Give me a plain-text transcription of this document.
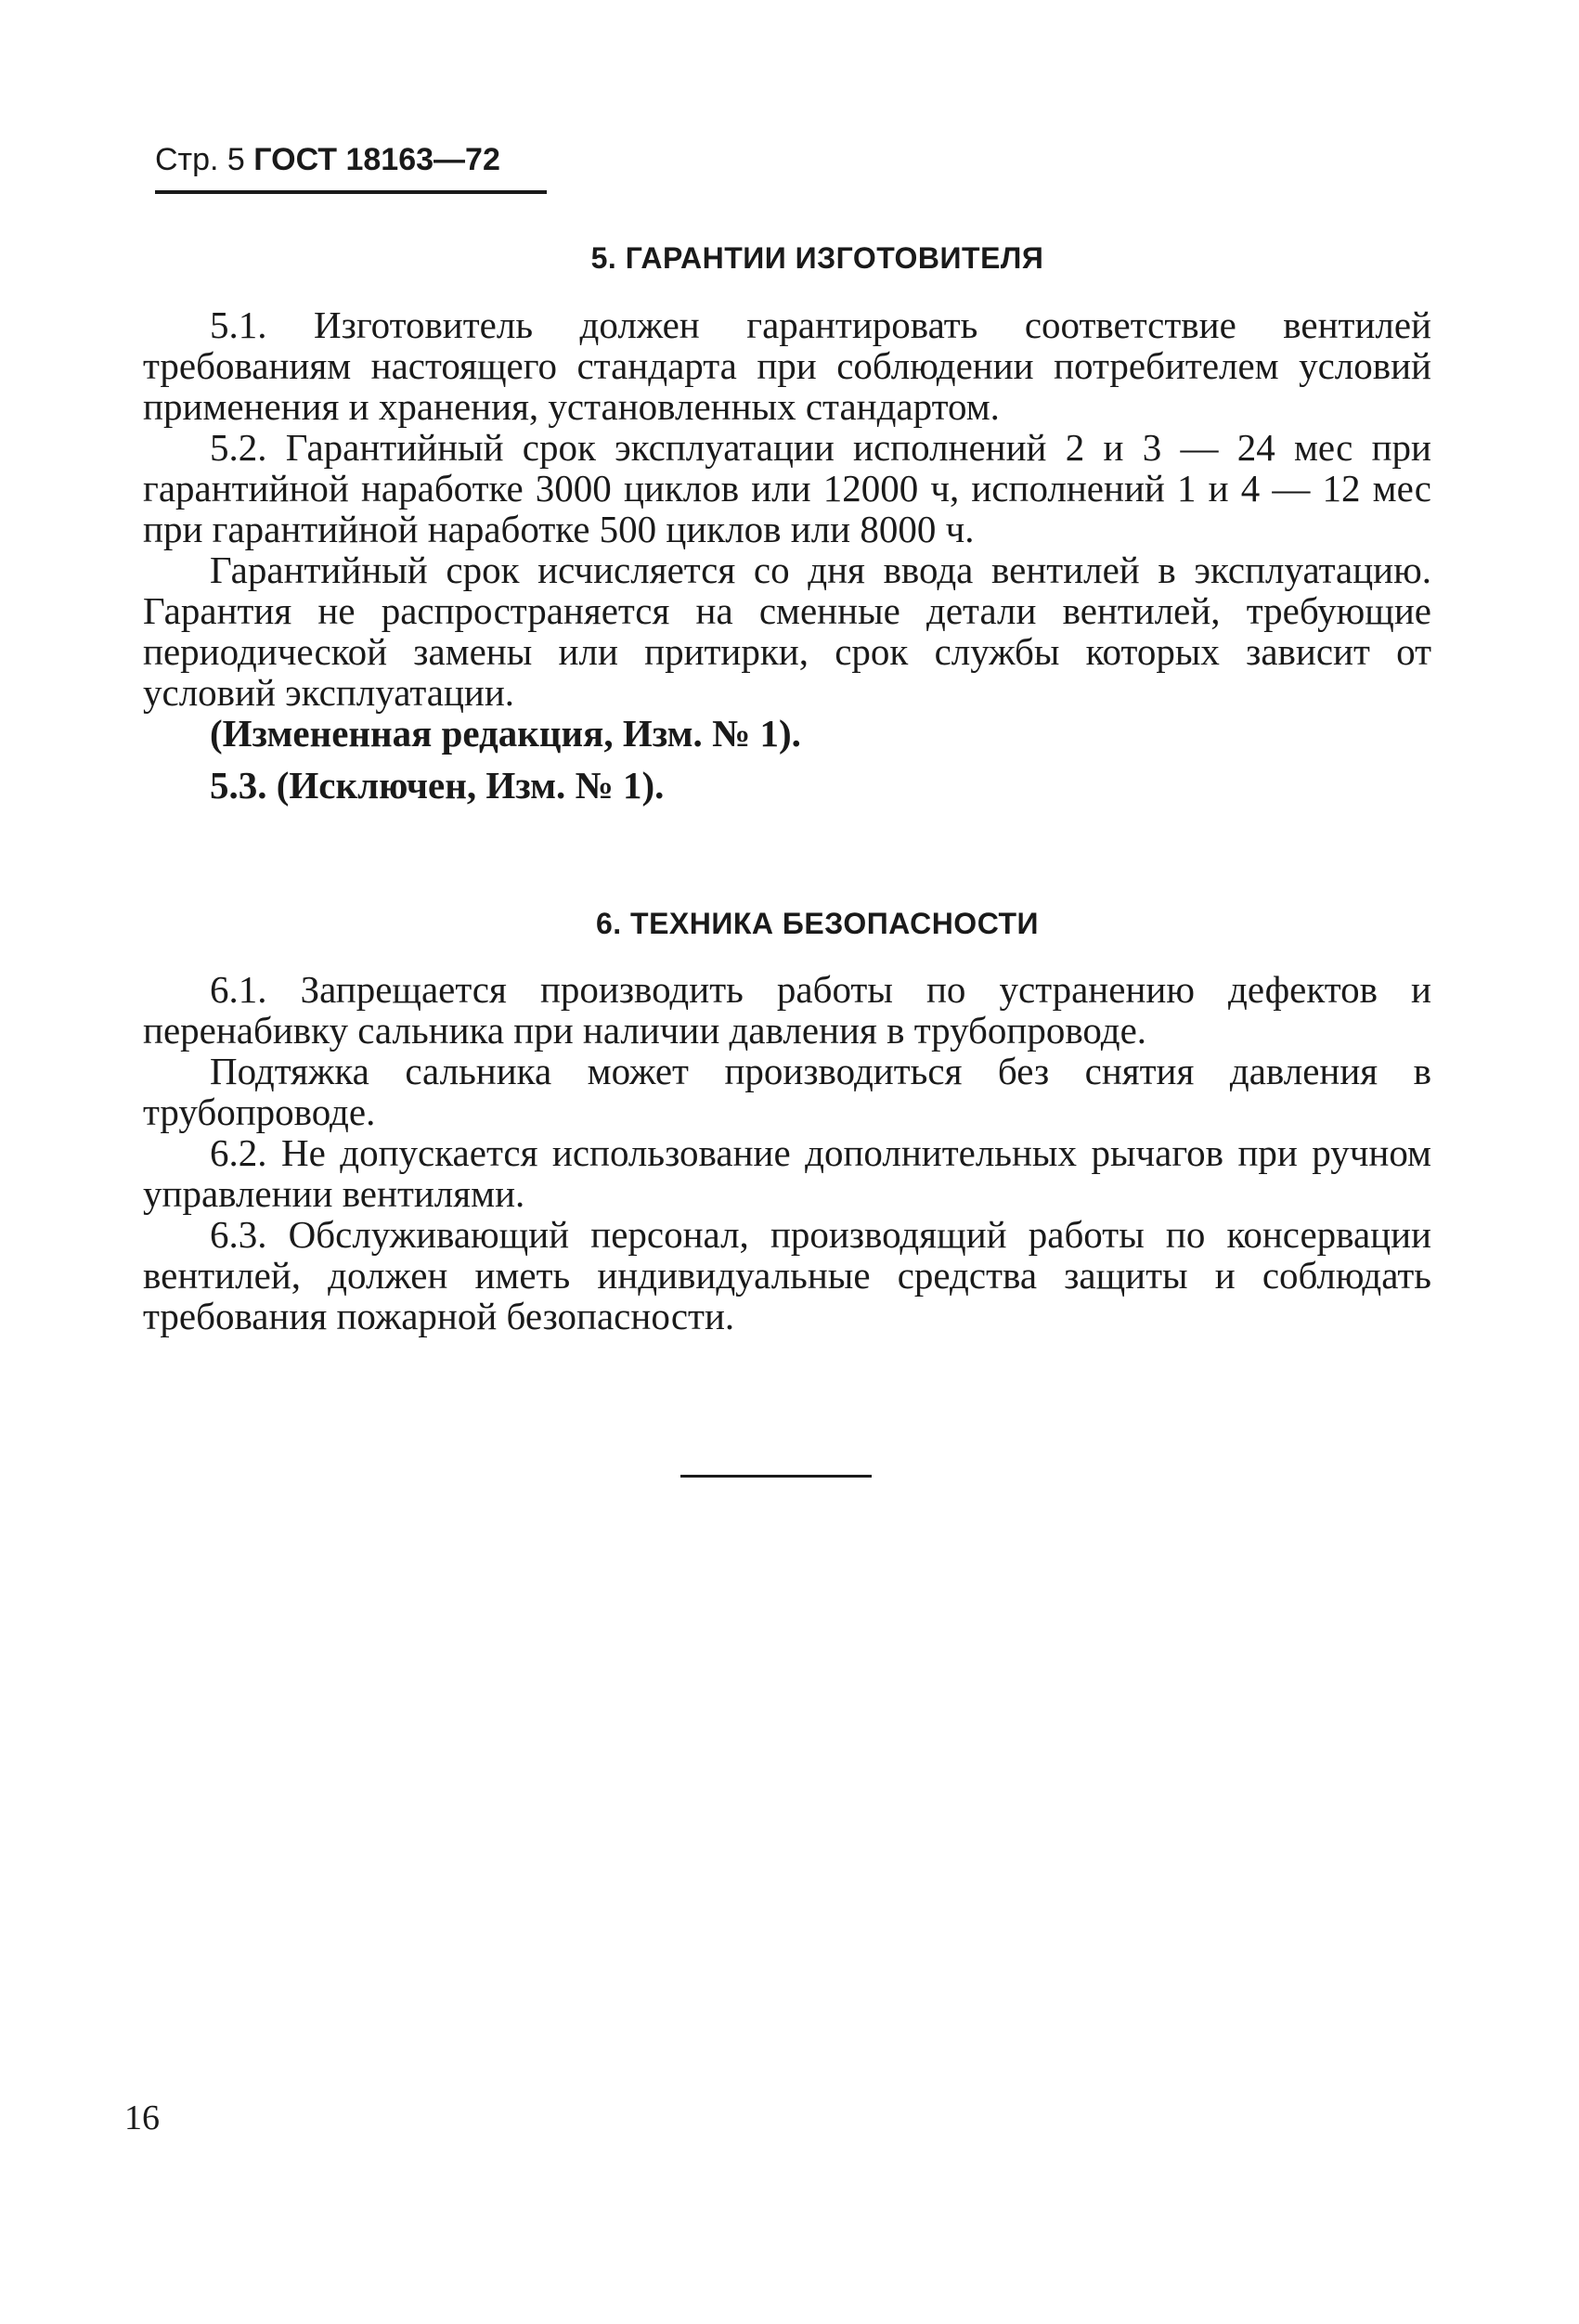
Стр. 5 ГОСТ 18163—72
5. ГАРАНТИИ ИЗГОТОВИТЕЛЯ

5.1. Изготовитель должен гарантировать соответствие вентилей требованиям настоящего стандарта при соблюдении потребителем условий применения и хранения, установленных стандартом.

5.2. Гарантийный срок эксплуатации исполнений 2 и 3 — 24 мес при гарантийной наработке 3000 циклов или 12000 ч, исполнений 1 и 4 — 12 мес при гарантийной наработке 500 циклов или 8000 ч.

Гарантийный срок исчисляется со дня ввода вентилей в эксплуатацию. Гарантия не распространяется на сменные детали вентилей, требующие периодической замены или притирки, срок службы которых зависит от условий эксплуатации.

(Измененная редакция, Изм. № 1).

5.3. (Исключен, Изм. № 1).

6. ТЕХНИКА БЕЗОПАСНОСТИ

6.1. Запрещается производить работы по устранению дефектов и перенабивку сальника при наличии давления в трубопроводе.

Подтяжка сальника может производиться без снятия давления в трубопроводе.

6.2. Не допускается использование дополнительных рычагов при ручном управлении вентилями.

6.3. Обслуживающий персонал, производящий работы по консервации вентилей, должен иметь индивидуальные средства защиты и соблюдать требования пожарной безопасности.

16
